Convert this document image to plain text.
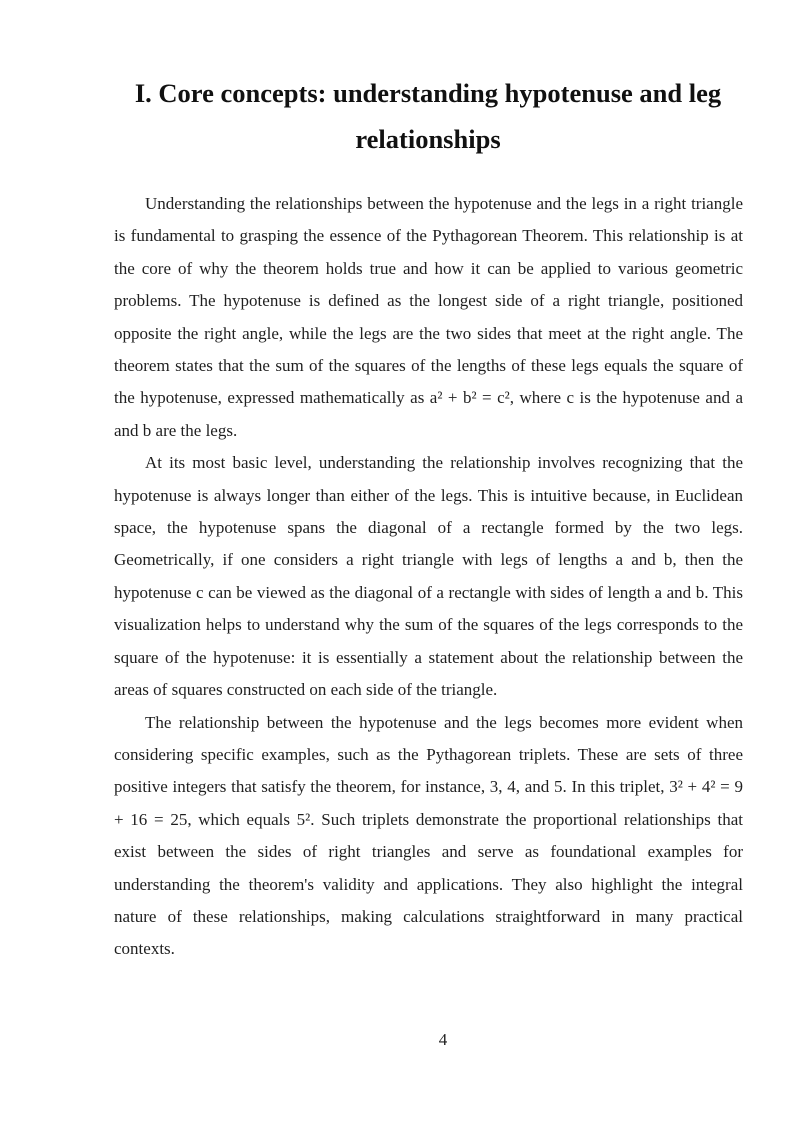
I. Core concepts: understanding hypotenuse and leg relationships

Understanding the relationships between the hypotenuse and the legs in a right triangle is fundamental to grasping the essence of the Pythagorean Theorem. This relationship is at the core of why the theorem holds true and how it can be applied to various geometric problems. The hypotenuse is defined as the longest side of a right triangle, positioned opposite the right angle, while the legs are the two sides that meet at the right angle. The theorem states that the sum of the squares of the lengths of these legs equals the square of the hypotenuse, expressed mathematically as a² + b² = c², where c is the hypotenuse and a and b are the legs.

At its most basic level, understanding the relationship involves recognizing that the hypotenuse is always longer than either of the legs. This is intuitive because, in Euclidean space, the hypotenuse spans the diagonal of a rectangle formed by the two legs. Geometrically, if one considers a right triangle with legs of lengths a and b, then the hypotenuse c can be viewed as the diagonal of a rectangle with sides of length a and b. This visualization helps to understand why the sum of the squares of the legs corresponds to the square of the hypotenuse: it is essentially a statement about the relationship between the areas of squares constructed on each side of the triangle.

The relationship between the hypotenuse and the legs becomes more evident when considering specific examples, such as the Pythagorean triplets. These are sets of three positive integers that satisfy the theorem, for instance, 3, 4, and 5. In this triplet, 3² + 4² = 9 + 16 = 25, which equals 5². Such triplets demonstrate the proportional relationships that exist between the sides of right triangles and serve as foundational examples for understanding the theorem's validity and applications. They also highlight the integral nature of these relationships, making calculations straightforward in many practical contexts.

4
